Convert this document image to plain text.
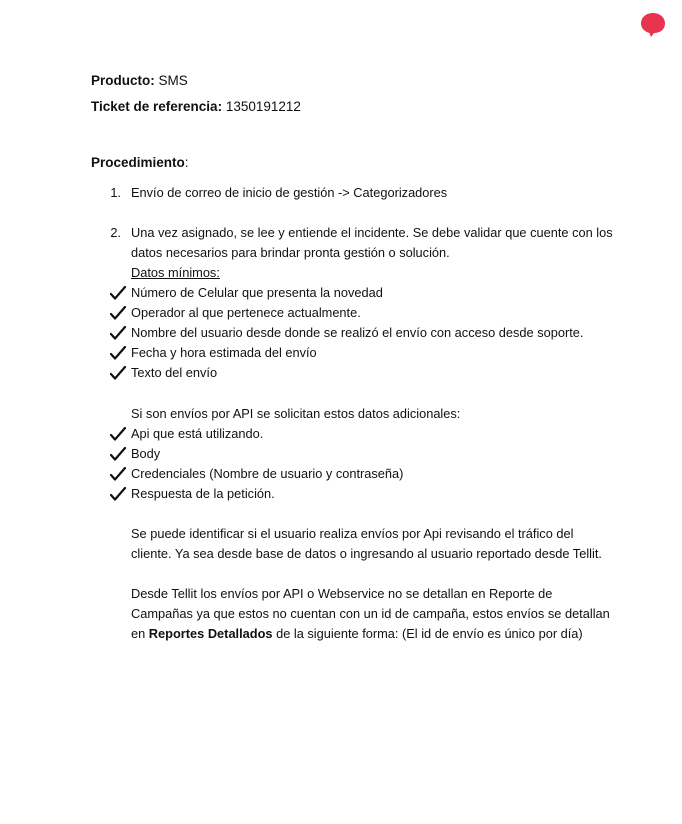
Producto: SMS
Ticket de referencia: 1350191212
Procedimiento:
1. Envío de correo de inicio de gestión -> Categorizadores
2. Una vez asignado, se lee y entiende el incidente. Se debe validar que cuente con los
datos necesarios para brindar pronta gestión o solución.
Datos mínimos:
Número de Celular que presenta la novedad
Operador al que pertenece actualmente.
Nombre del usuario desde donde se realizó el envío con acceso desde soporte.
Fecha y hora estimada del envío
Texto del envío
Si son envíos por API se solicitan estos datos adicionales:
Api que está utilizando.
Body
Credenciales (Nombre de usuario y contraseña)
Respuesta de la petición.
Se puede identificar si el usuario realiza envíos por Api revisando el tráfico del
cliente. Ya sea desde base de datos o ingresando al usuario reportado desde Tellit.
Desde Tellit los envíos por API o Webservice no se detallan en Reporte de
Campañas ya que estos no cuentan con un id de campaña, estos envíos se detallan
en Reportes Detallados de la siguiente forma: (El id de envío es único por día)
